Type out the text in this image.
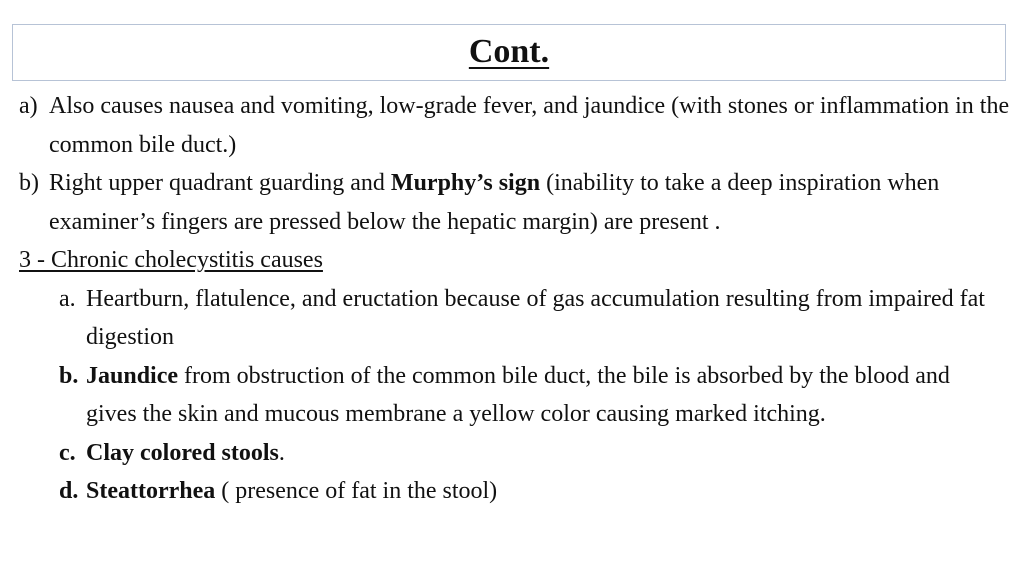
Cont.
a) Also causes nausea and vomiting, low-grade fever, and jaundice (with stones or inflammation in the common bile duct.)
b) Right upper quadrant guarding and Murphy’s sign (inability to take a deep inspiration when examiner’s fingers are pressed below the hepatic margin) are present .
3 - Chronic cholecystitis causes
a. Heartburn, flatulence, and eructation because of gas accumulation resulting from impaired fat digestion
b. Jaundice from obstruction of the common bile duct, the bile is absorbed by the blood and gives the skin and mucous membrane a yellow color causing marked itching.
c. Clay colored stools.
d. Steattorrhea ( presence of fat in the stool)
